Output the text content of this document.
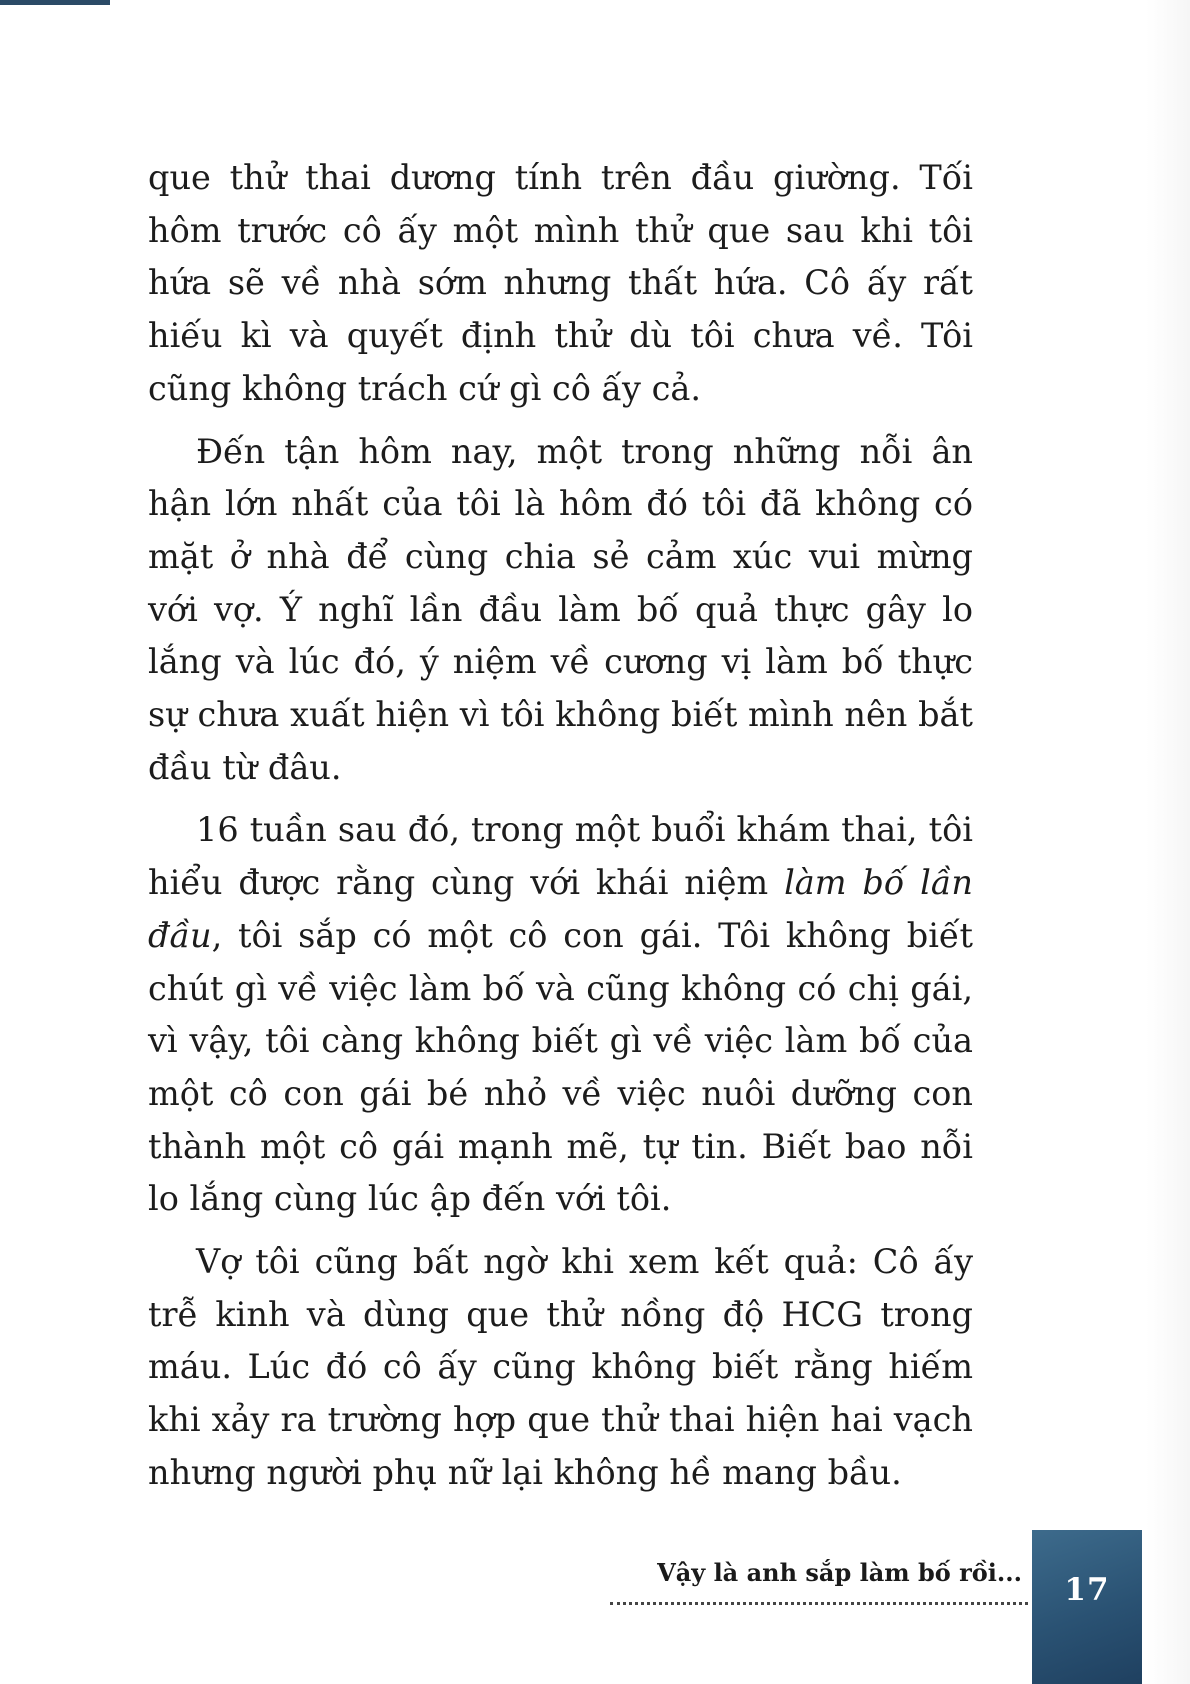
que thử thai dương tính trên đầu giường. Tối hôm trước cô ấy một mình thử que sau khi tôi hứa sẽ về nhà sớm nhưng thất hứa. Cô ấy rất hiếu kì và quyết định thử dù tôi chưa về. Tôi cũng không trách cứ gì cô ấy cả.

Đến tận hôm nay, một trong những nỗi ân hận lớn nhất của tôi là hôm đó tôi đã không có mặt ở nhà để cùng chia sẻ cảm xúc vui mừng với vợ. Ý nghĩ lần đầu làm bố quả thực gây lo lắng và lúc đó, ý niệm về cương vị làm bố thực sự chưa xuất hiện vì tôi không biết mình nên bắt đầu từ đâu.

16 tuần sau đó, trong một buổi khám thai, tôi hiểu được rằng cùng với khái niệm làm bố lần đầu, tôi sắp có một cô con gái. Tôi không biết chút gì về việc làm bố và cũng không có chị gái, vì vậy, tôi càng không biết gì về việc làm bố của một cô con gái bé nhỏ về việc nuôi dưỡng con thành một cô gái mạnh mẽ, tự tin. Biết bao nỗi lo lắng cùng lúc ập đến với tôi.

Vợ tôi cũng bất ngờ khi xem kết quả: Cô ấy trễ kinh và dùng que thử nồng độ HCG trong máu. Lúc đó cô ấy cũng không biết rằng hiếm khi xảy ra trường hợp que thử thai hiện hai vạch nhưng người phụ nữ lại không hề mang bầu.

Vậy là anh sắp làm bố rồi...	17
